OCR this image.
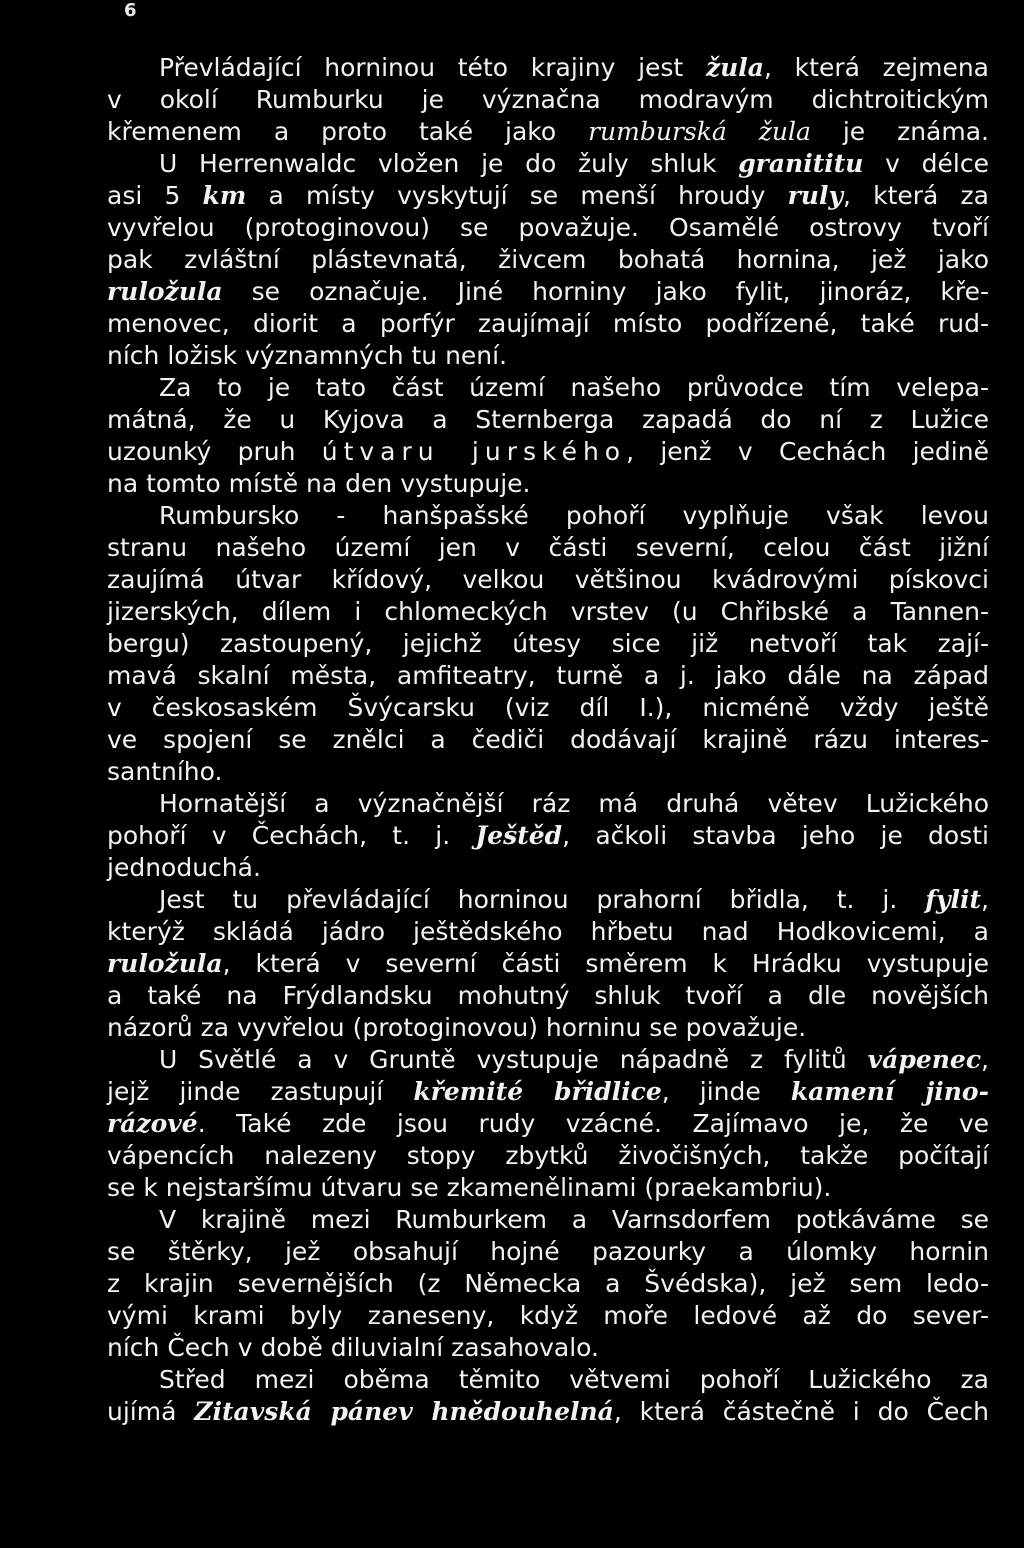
6
Převládající horninou této krajiny jest žula, která zejmena
v okolí Rumburku je význačna modravým dichtroitickým
křemenem a proto také jako rumburská žula je známa.
U Herrenwaldc vložen je do žuly shluk granititu v délce
asi 5 km a místy vyskytují se menší hroudy ruly, která za
vyvřelou (protoginovou) se považuje. Osamělé ostrovy tvoří
pak zvláštní plástevnatá, živcem bohatá hornina, jež jako
ruložula se označuje. Jiné horniny jako fylit, jinoráz, kře-
menovec, diorit a porfýr zaujímají místo podřízené, také rud-
ních ložisk významných tu není.
Za to je tato část území našeho průvodce tím velepa-
mátná, že u Kyjova a Sternberga zapadá do ní z Lužice
uzounký pruh útvaru jurského, jenž v Cechách jedině
na tomto místě na den vystupuje.
Rumbursko - hanšpašské pohoří vyplňuje však levou
stranu našeho území jen v části severní, celou část jižní
zaujímá útvar křídový, velkou většinou kvádrovými pískovci
jizerských, dílem i chlomeckých vrstev (u Chřibské a Tannen-
bergu) zastoupený, jejichž útesy sice již netvoří tak zají-
mavá skalní města, amfiteatry, turně a j. jako dále na západ
v českosaském Švýcarsku (viz díl I.), nicméně vždy ještě
ve spojení se znělci a čediči dodávají krajině rázu interes-
santního.
Hornatější a význačnější ráz má druhá větev Lužického
pohoří v Čechách, t. j. Ještěd, ačkoli stavba jeho je dosti
jednoduchá.
Jest tu převládající horninou prahorní břidla, t. j. fylit,
kterýž skládá jádro ještědského hřbetu nad Hodkovicemi, a
ruložula, která v severní části směrem k Hrádku vystupuje
a také na Frýdlandsku mohutný shluk tvoří a dle novějších
názorů za vyvřelou (protoginovou) horninu se považuje.
U Světlé a v Gruntě vystupuje nápadně z fylitů vápenec,
jejž jinde zastupují křemité břidlice, jinde kamení jino-
rázové. Také zde jsou rudy vzácné. Zajímavo je, že ve
vápencích nalezeny stopy zbytků živočišných, takže počítají
se k nejstaršímu útvaru se zkamenělinami (praekambriu).
V krajině mezi Rumburkem a Varnsdorfem potkáváme se
se štěrky, jež obsahují hojné pazourky a úlomky hornin
z krajin severnějších (z Německa a Švédska), jež sem ledo-
vými krami byly zaneseny, když moře ledové až do sever-
ních Čech v době diluvialní zasahovalo.
Střed mezi oběma těmito větvemi pohoří Lužického za
ujímá Zitavská pánev hnědouhelná, která částečně i do Čech
